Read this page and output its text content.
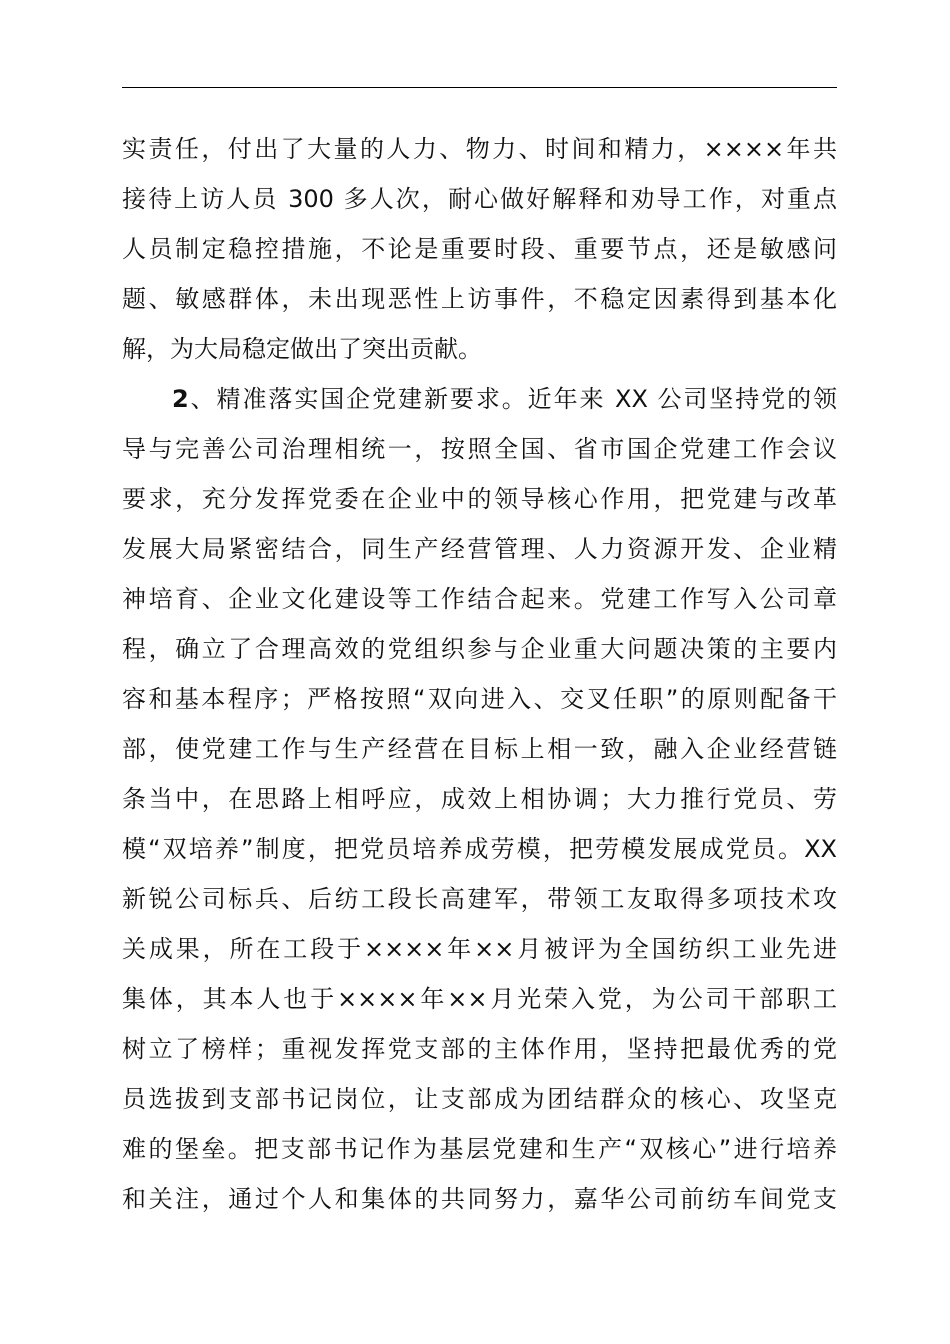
实责任，付出了大量的人力、物力、时间和精力，××××年共
接待上访人员 300 多人次，耐心做好解释和劝导工作，对重点
人员制定稳控措施，不论是重要时段、重要节点，还是敏感问
题、敏感群体，未出现恶性上访事件，不稳定因素得到基本化
解，为大局稳定做出了突出贡献。
2、精准落实国企党建新要求。近年来 XX 公司坚持党的领
导与完善公司治理相统一，按照全国、省市国企党建工作会议
要求，充分发挥党委在企业中的领导核心作用，把党建与改革
发展大局紧密结合，同生产经营管理、人力资源开发、企业精
神培育、企业文化建设等工作结合起来。党建工作写入公司章
程，确立了合理高效的党组织参与企业重大问题决策的主要内
容和基本程序；严格按照“双向进入、交叉任职”的原则配备干
部，使党建工作与生产经营在目标上相一致，融入企业经营链
条当中，在思路上相呼应，成效上相协调；大力推行党员、劳
模“双培养”制度，把党员培养成劳模，把劳模发展成党员。XX
新锐公司标兵、后纺工段长高建军，带领工友取得多项技术攻
关成果，所在工段于××××年××月被评为全国纺织工业先进
集体，其本人也于××××年××月光荣入党，为公司干部职工
树立了榜样；重视发挥党支部的主体作用，坚持把最优秀的党
员选拔到支部书记岗位，让支部成为团结群众的核心、攻坚克
难的堡垒。把支部书记作为基层党建和生产“双核心”进行培养
和关注，通过个人和集体的共同努力，嘉华公司前纺车间党支
